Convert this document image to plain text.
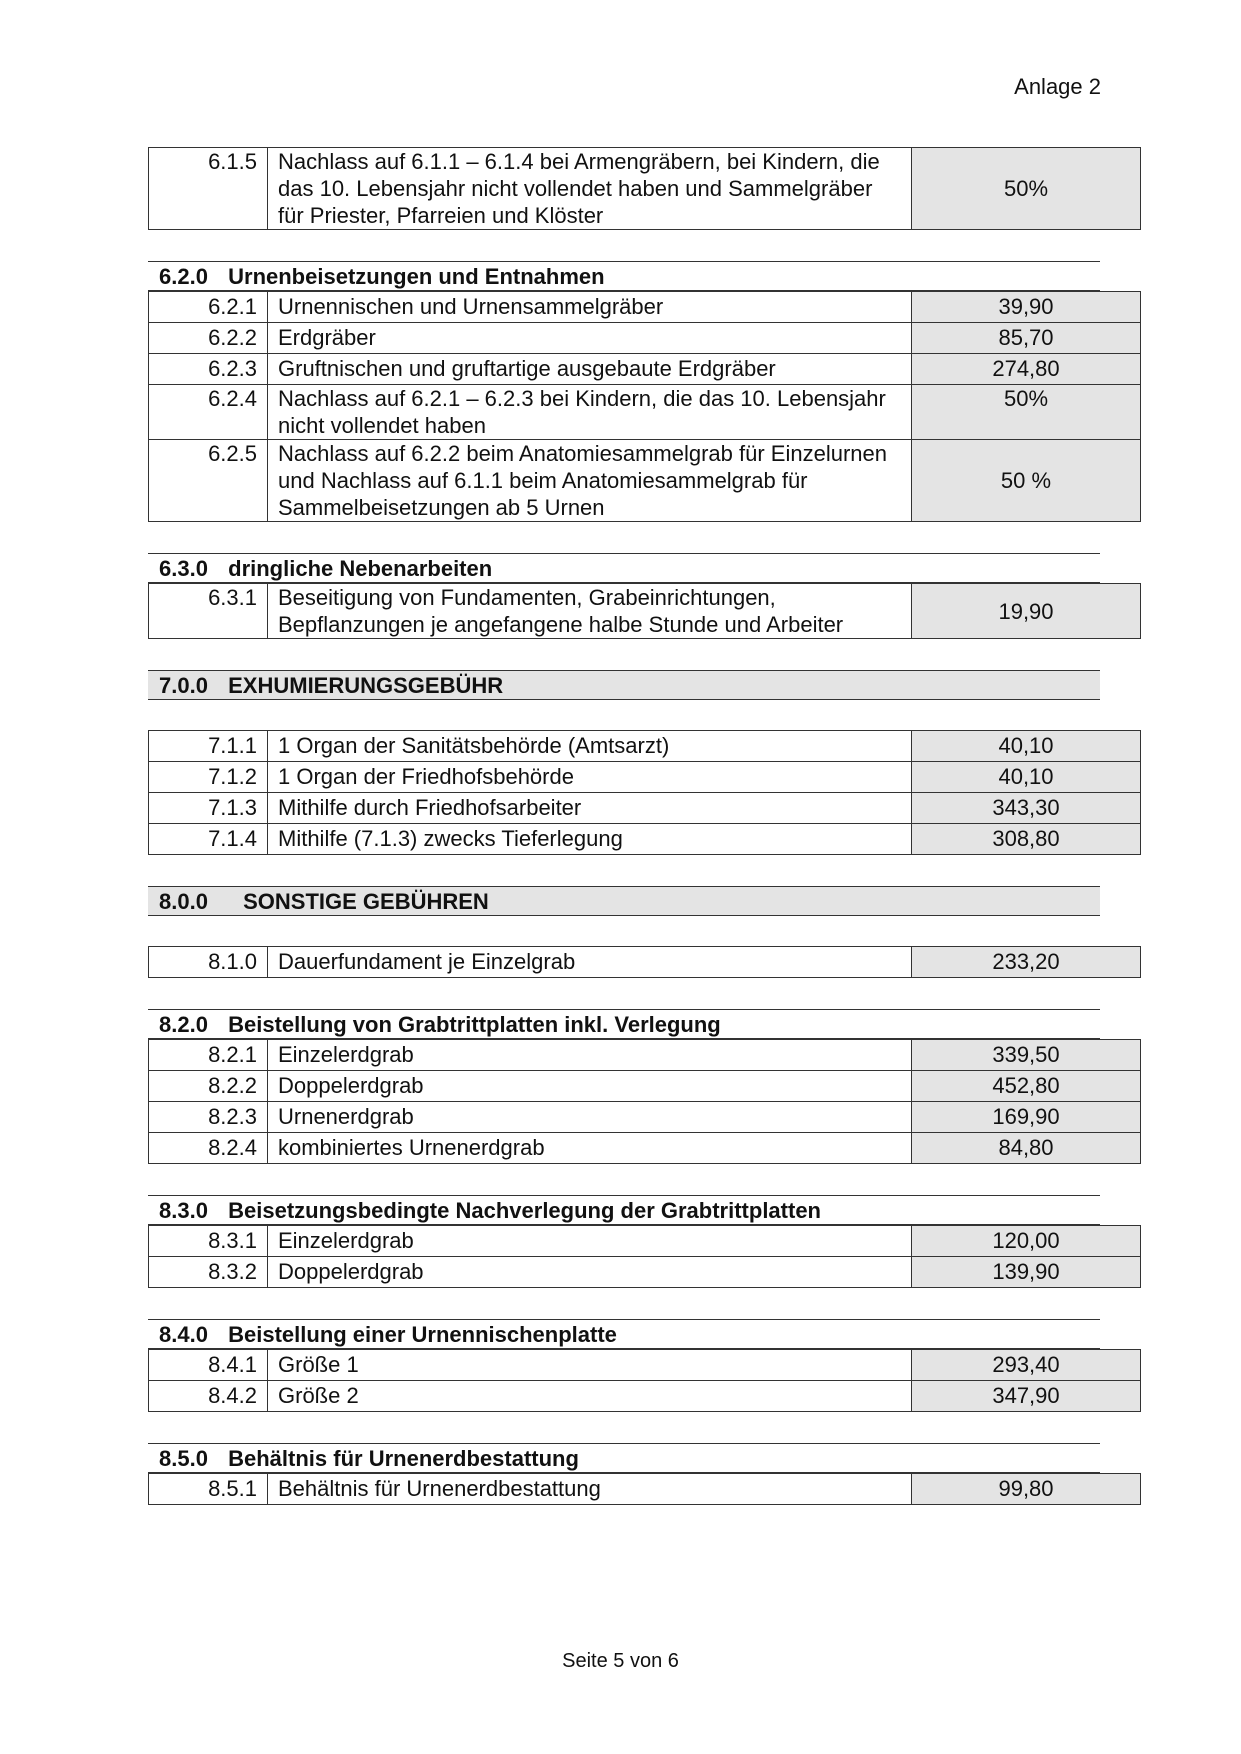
Anlage 2
6.1.5	Nachlass auf 6.1.1 – 6.1.4 bei Armengräbern, bei Kindern, die das 10. Lebensjahr nicht vollendet haben und Sammelgräber für Priester, Pfarreien und Klöster	50%
6.2.0 Urnenbeisetzungen und Entnahmen
6.2.1	Urnennischen und Urnensammelgräber	39,90
6.2.2	Erdgräber	85,70
6.2.3	Gruftnischen und gruftartige ausgebaute Erdgräber	274,80
6.2.4	Nachlass auf 6.2.1 – 6.2.3 bei Kindern, die das 10. Lebensjahr nicht vollendet haben	50%
6.2.5	Nachlass auf 6.2.2 beim Anatomiesammelgrab für Einzelurnen und Nachlass auf 6.1.1 beim Anatomiesammelgrab für Sammelbeisetzungen ab 5 Urnen	50 %
6.3.0 dringliche Nebenarbeiten
6.3.1	Beseitigung von Fundamenten, Grabeinrichtungen, Bepflanzungen je angefangene halbe Stunde und Arbeiter	19,90
7.0.0 EXHUMIERUNGSGEBÜHR
7.1.1	1 Organ der Sanitätsbehörde (Amtsarzt)	40,10
7.1.2	1 Organ der Friedhofsbehörde	40,10
7.1.3	Mithilfe durch Friedhofsarbeiter	343,30
7.1.4	Mithilfe (7.1.3) zwecks Tieferlegung	308,80
8.0.0 SONSTIGE GEBÜHREN
8.1.0	Dauerfundament je Einzelgrab	233,20
8.2.0 Beistellung von Grabtrittplatten inkl. Verlegung
8.2.1	Einzelerdgrab	339,50
8.2.2	Doppelerdgrab	452,80
8.2.3	Urnenerdgrab	169,90
8.2.4	kombiniertes Urnenerdgrab	84,80
8.3.0 Beisetzungsbedingte Nachverlegung der Grabtrittplatten
8.3.1	Einzelerdgrab	120,00
8.3.2	Doppelerdgrab	139,90
8.4.0 Beistellung einer Urnennischenplatte
8.4.1	Größe 1	293,40
8.4.2	Größe 2	347,90
8.5.0 Behältnis für Urnenerdbestattung
8.5.1	Behältnis für Urnenerdbestattung	99,80
Seite 5 von 6
